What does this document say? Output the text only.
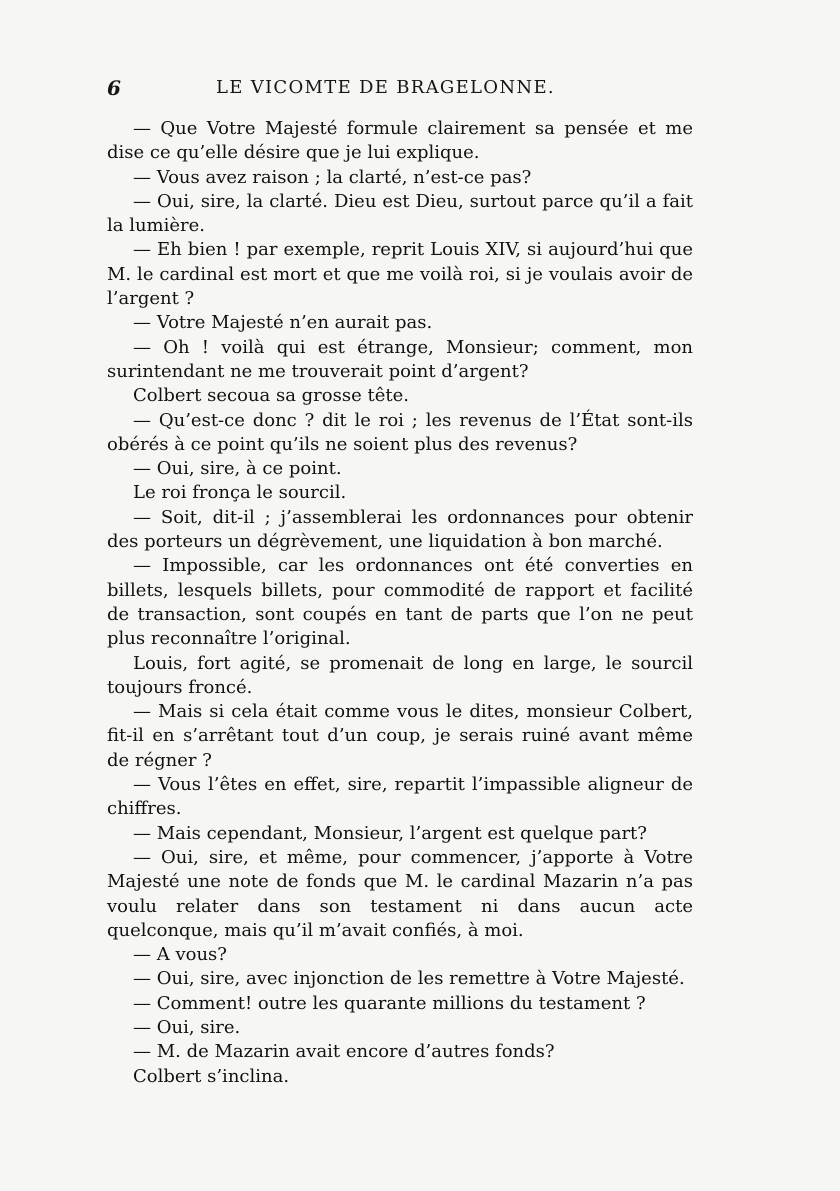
6	LE VICOMTE DE BRAGELONNE.

— Que Votre Majesté formule clairement sa pensée et me dise ce qu’elle désire que je lui explique.

— Vous avez raison ; la clarté, n’est-ce pas?

— Oui, sire, la clarté. Dieu est Dieu, surtout parce qu’il a fait la lumière.

— Eh bien ! par exemple, reprit Louis XIV, si aujourd’hui que M. le cardinal est mort et que me voilà roi, si je voulais avoir de l’argent ?

— Votre Majesté n’en aurait pas.

— Oh ! voilà qui est étrange, Monsieur; comment, mon surintendant ne me trouverait point d’argent?

Colbert secoua sa grosse tête.

— Qu’est-ce donc ? dit le roi ; les revenus de l’État sont-ils obérés à ce point qu’ils ne soient plus des revenus?

— Oui, sire, à ce point.

Le roi fronça le sourcil.

— Soit, dit-il ; j’assemblerai les ordonnances pour obtenir des porteurs un dégrèvement, une liquidation à bon marché.

— Impossible, car les ordonnances ont été converties en billets, lesquels billets, pour commodité de rapport et facilité de transaction, sont coupés en tant de parts que l’on ne peut plus reconnaître l’original.

Louis, fort agité, se promenait de long en large, le sourcil toujours froncé.

— Mais si cela était comme vous le dites, monsieur Colbert, fit-il en s’arrêtant tout d’un coup, je serais ruiné avant même de régner ?

— Vous l’êtes en effet, sire, repartit l’impassible aligneur de chiffres.

— Mais cependant, Monsieur, l’argent est quelque part?

— Oui, sire, et même, pour commencer, j’apporte à Votre Majesté une note de fonds que M. le cardinal Mazarin n’a pas voulu relater dans son testament ni dans aucun acte quelconque, mais qu’il m’avait confiés, à moi.

— A vous?

— Oui, sire, avec injonction de les remettre à Votre Majesté.

— Comment! outre les quarante millions du testament ?

— Oui, sire.

— M. de Mazarin avait encore d’autres fonds?

Colbert s’inclina.
